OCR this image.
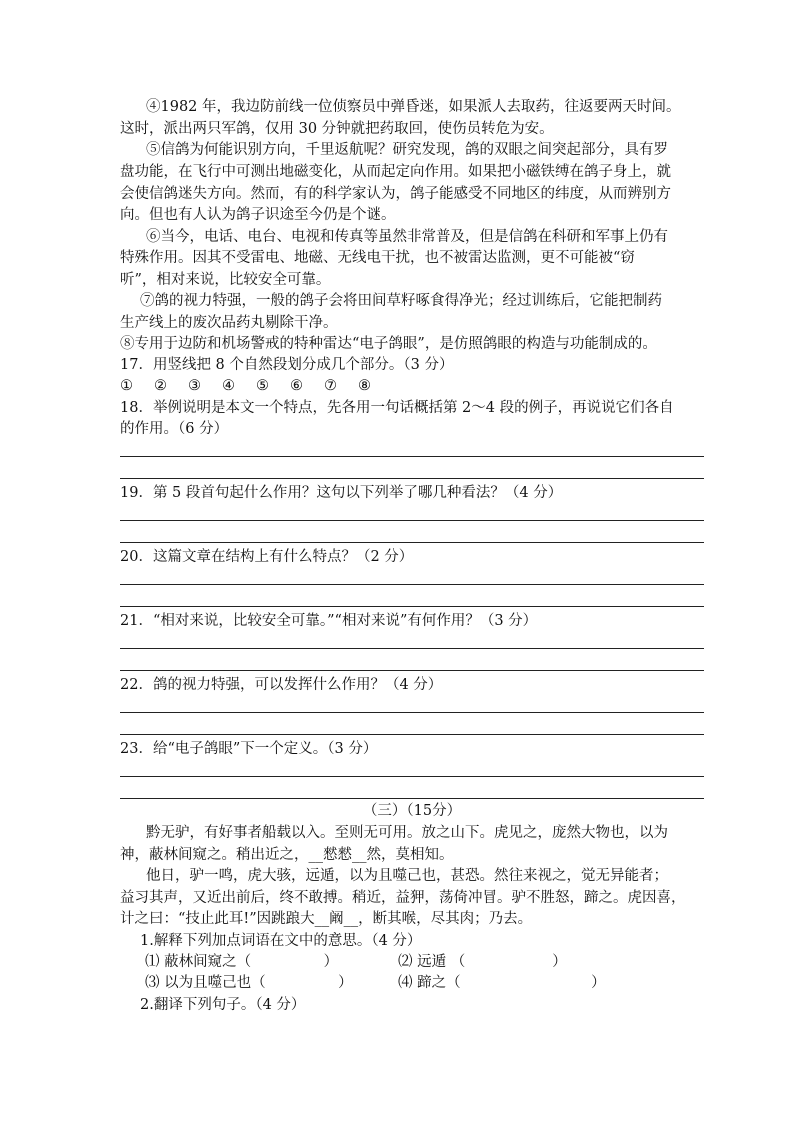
④1982 年，我边防前线一位侦察员中弹昏迷，如果派人去取药，往返要两天时间。
这时，派出两只军鸽，仅用 30 分钟就把药取回，使伤员转危为安。
⑤信鸽为何能识别方向，千里返航呢？研究发现，鸽的双眼之间突起部分，具有罗
盘功能，在飞行中可测出地磁变化，从而起定向作用。如果把小磁铁缚在鸽子身上，就
会使信鸽迷失方向。然而，有的科学家认为，鸽子能感受不同地区的纬度，从而辨别方
向。但也有人认为鸽子识途至今仍是个谜。
⑥当今，电话、电台、电视和传真等虽然非常普及，但是信鸽在科研和军事上仍有
特殊作用。因其不受雷电、地磁、无线电干扰，也不被雷达监测，更不可能被“窃
听”，相对来说，比较安全可靠。
⑦鸽的视力特强，一般的鸽子会将田间草籽啄食得净光；经过训练后，它能把制药
生产线上的废次品药丸剔除干净。
⑧专用于边防和机场警戒的特种雷达“电子鸽眼”，是仿照鸽眼的构造与功能制成的。
17．用竖线把 8 个自然段划分成几个部分。（3 分）
① ② ③ ④ ⑤ ⑥ ⑦ ⑧
18．举例说明是本文一个特点，先各用一句话概括第 2～4 段的例子，再说说它们各自
的作用。（6 分）
19．第 5 段首句起什么作用？这句以下列举了哪几种看法？（4 分）
20．这篇文章在结构上有什么特点？（2 分）
21．“相对来说，比较安全可靠。”“相对来说”有何作用？（3 分）
22．鸽的视力特强，可以发挥什么作用？（4 分）
23．给“电子鸽眼”下一个定义。（3 分）
（三）（15分）
黔无驴，有好事者船载以入。至则无可用。放之山下。虎见之，庞然大物也，以为
神，蔽林间窥之。稍出近之，__憖憖__然，莫相知。
他日，驴一鸣，虎大骇，远遁，以为且噬己也，甚恐。然往来视之，觉无异能者；
益习其声，又近出前后，终不敢搏。稍近，益狎，荡倚冲冒。驴不胜怒，蹄之。虎因喜，
计之曰：“技止此耳!”因跳踉大__阚__，断其喉，尽其肉；乃去。
1.解释下列加点词语在文中的意思。（4 分）
⑴ 蔽林间窥之（　　　　　）	⑵ 远遁 （　　　　　　）
⑶ 以为且噬己也（　　　　　）	⑷ 蹄之（　　　　　　　　　）
2.翻译下列句子。（4 分）
